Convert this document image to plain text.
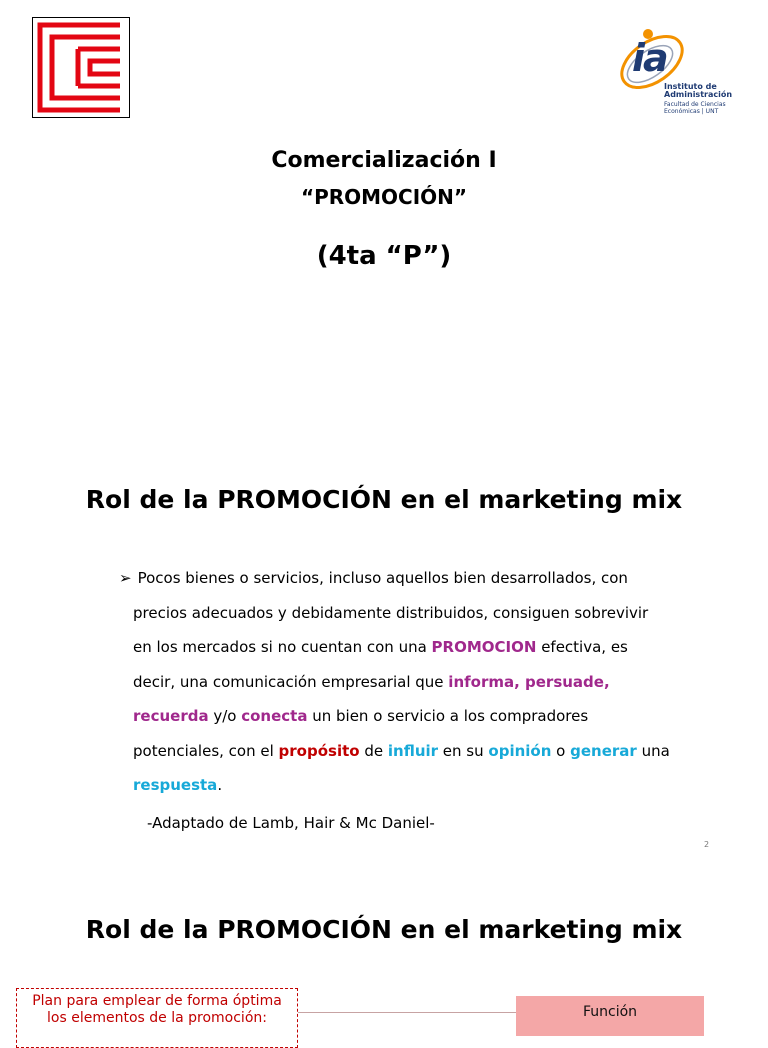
ia
Instituto de
Administración
Facultad de Ciencias
Económicas | UNT
Comercialización I
“PROMOCIÓN”
(4ta “P”)
Rol de la PROMOCIÓN en el marketing mix
➢ Pocos bienes o servicios, incluso aquellos bien desarrollados, con
precios adecuados y debidamente distribuidos, consiguen sobrevivir
en los mercados si no cuentan con una PROMOCION efectiva, es
decir, una comunicación empresarial que informa, persuade,
recuerda y/o conecta un bien o servicio a los compradores
potenciales, con el propósito de influir en su opinión o generar una
respuesta.
-Adaptado de Lamb, Hair & Mc Daniel-
2
Rol de la PROMOCIÓN en el marketing mix
Plan para emplear de forma óptima
los elementos de la promoción:	Función
